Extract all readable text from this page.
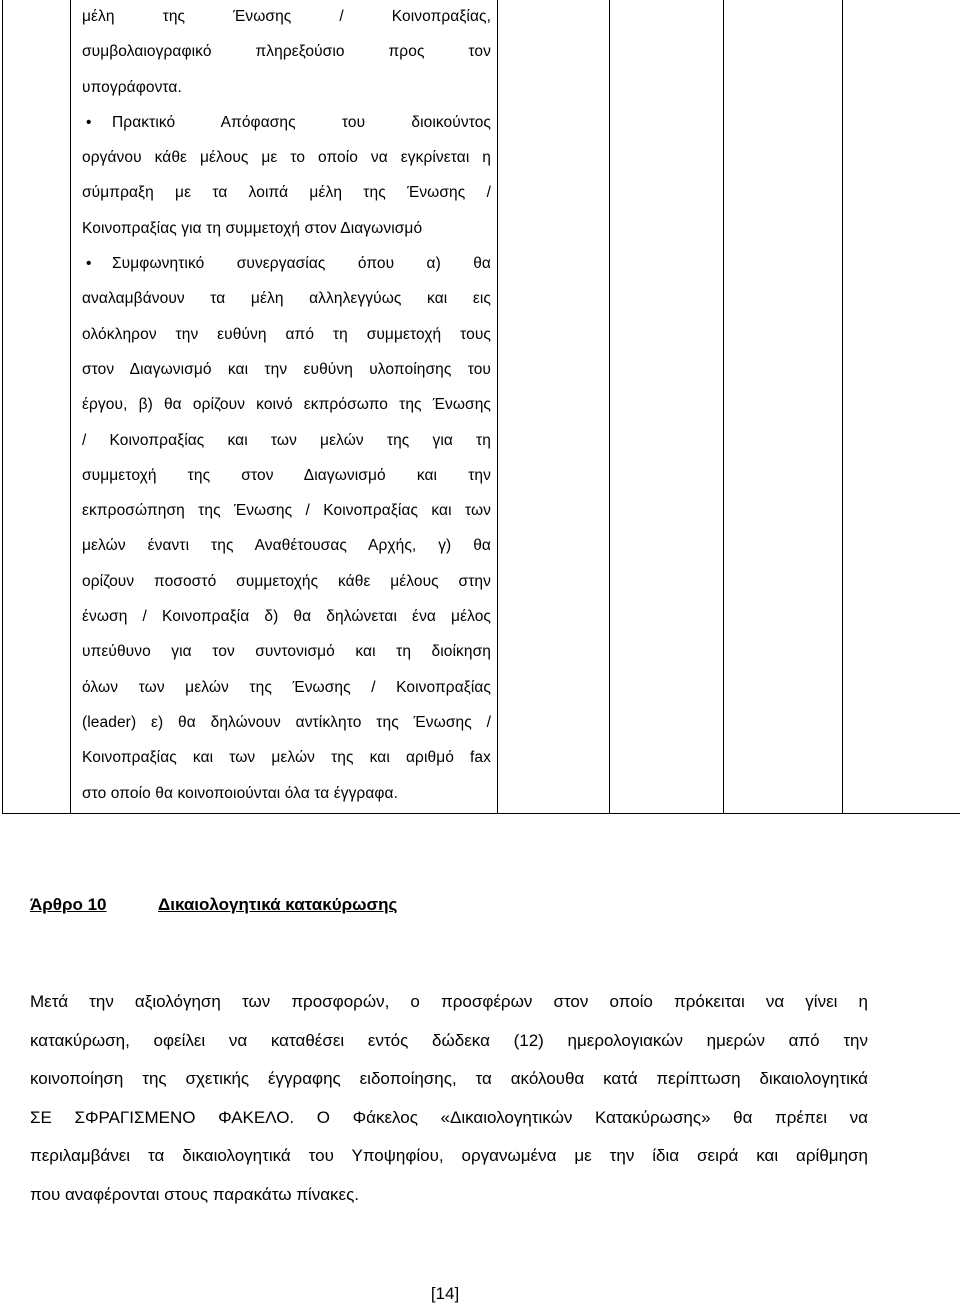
μέλη της Ένωσης / Κοινοπραξίας,

συμβολαιογραφικό πληρεξούσιο προς τον

υπογράφοντα.

• Πρακτικό Απόφασης του διοικούντος

οργάνου κάθε μέλους με το οποίο να εγκρίνεται η

σύμπραξη με τα λοιπά μέλη της Ένωσης /

Κοινοπραξίας για τη συμμετοχή στον Διαγωνισμό

• Συμφωνητικό συνεργασίας όπου α) θα

αναλαμβάνουν τα μέλη αλληλεγγύως και εις

ολόκληρον την ευθύνη από τη συμμετοχή τους

στον Διαγωνισμό και την ευθύνη υλοποίησης του

έργου, β) θα ορίζουν κοινό εκπρόσωπο της Ένωσης

/ Κοινοπραξίας και των μελών της για τη

συμμετοχή της στον Διαγωνισμό και την

εκπροσώπηση της Ένωσης / Κοινοπραξίας και των

μελών έναντι της Αναθέτουσας Αρχής, γ) θα

ορίζουν ποσοστό συμμετοχής κάθε μέλους στην

ένωση / Κοινοπραξία δ) θα δηλώνεται ένα μέλος

υπεύθυνο για τον συντονισμό και τη διοίκηση

όλων των μελών της Ένωσης / Κοινοπραξίας

(leader) ε) θα δηλώνουν αντίκλητο της Ένωσης /

Κοινοπραξίας και των μελών της και αριθμό fax

στο οποίο θα κοινοποιούνται όλα τα έγγραφα.

Άρθρο 10	Δικαιολογητικά κατακύρωσης

Μετά την αξιολόγηση των προσφορών, ο προσφέρων στον οποίο πρόκειται να γίνει η

κατακύρωση, οφείλει να καταθέσει εντός δώδεκα (12) ημερολογιακών ημερών από την

κοινοποίηση της σχετικής έγγραφης ειδοποίησης, τα ακόλουθα κατά περίπτωση δικαιολογητικά

ΣΕ ΣΦΡΑΓΙΣΜΕΝΟ ΦΑΚΕΛΟ. Ο Φάκελος «Δικαιολογητικών Κατακύρωσης» θα πρέπει να

περιλαμβάνει τα δικαιολογητικά του Υποψηφίου, οργανωμένα με την ίδια σειρά και αρίθμηση

που αναφέρονται στους παρακάτω πίνακες.

[14]
